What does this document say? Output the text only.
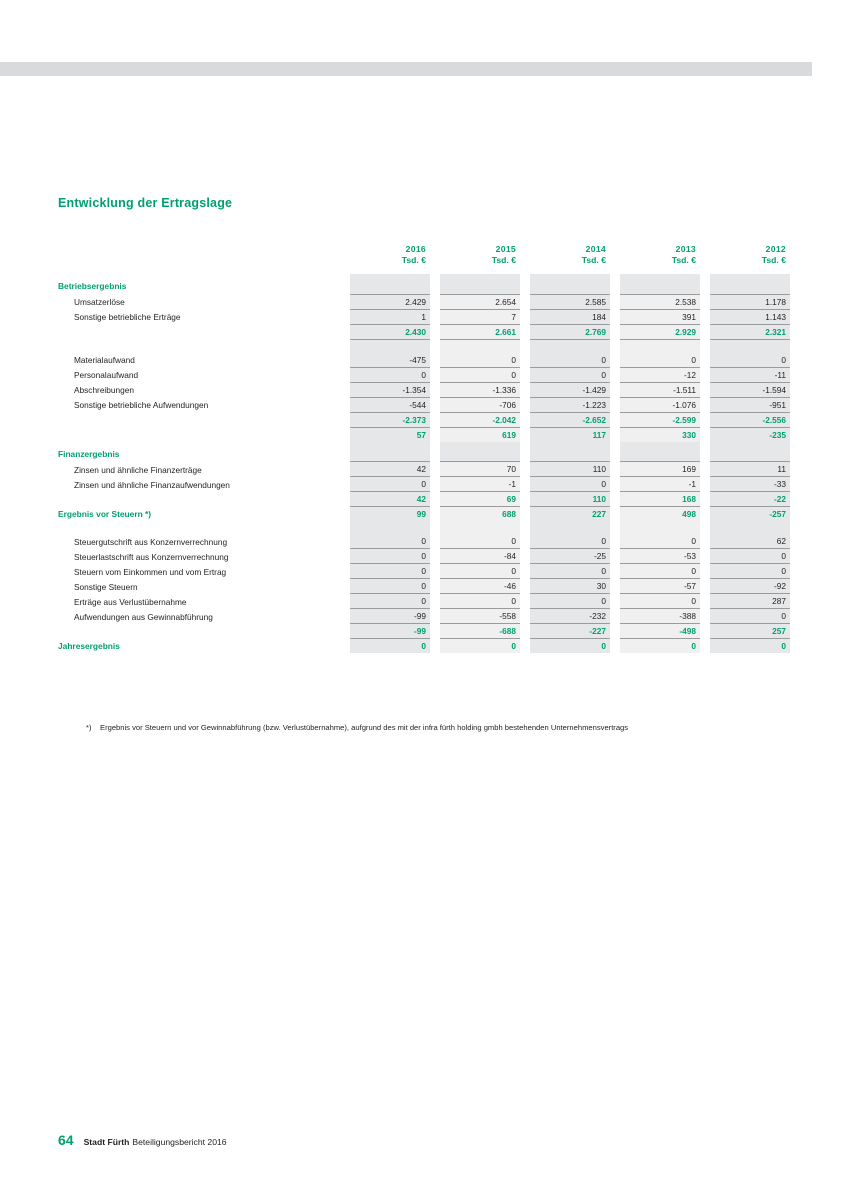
Entwicklung der Ertragslage
	2016		2015		2014		2013		2012
	Tsd. €		Tsd. €		Tsd. €		Tsd. €		Tsd. €
Betriebsergebnis									
Umsatzerlöse	2.429		2.654		2.585		2.538		1.178
Sonstige betriebliche Erträge	1		7		184		391		1.143
	2.430		2.661		2.769		2.929		2.321

Materialaufwand	-475		0		0		0		0
Personalaufwand	0		0		0		-12		-11
Abschreibungen	-1.354		-1.336		-1.429		-1.511		-1.594
Sonstige betriebliche Aufwendungen	-544		-706		-1.223		-1.076		-951
	-2.373		-2.042		-2.652		-2.599		-2.556
	57		619		117		330		-235
Finanzergebnis									
Zinsen und ähnliche Finanzerträge	42		70		110		169		11
Zinsen und ähnliche Finanzaufwendungen	0		-1		0		-1		-33
	42		69		110		168		-22
Ergebnis vor Steuern *)	99		688		227		498		-257

Steuergutschrift aus Konzernverrechnung	0		0		0		0		62
Steuerlastschrift aus Konzernverrechnung	0		-84		-25		-53		0
Steuern vom Einkommen und vom Ertrag	0		0		0		0		0
Sonstige Steuern	0		-46		30		-57		-92
Erträge aus Verlustübernahme	0		0		0		0		287
Aufwendungen aus Gewinnabführung	-99		-558		-232		-388		0
	-99		-688		-227		-498		257
Jahresergebnis	0		0		0		0		0
*) Ergebnis vor Steuern und vor Gewinnabführung (bzw. Verlustübernahme), aufgrund des mit der infra fürth holding gmbh bestehenden Unternehmensvertrags
64 Stadt Fürth Beteiligungsbericht 2016
